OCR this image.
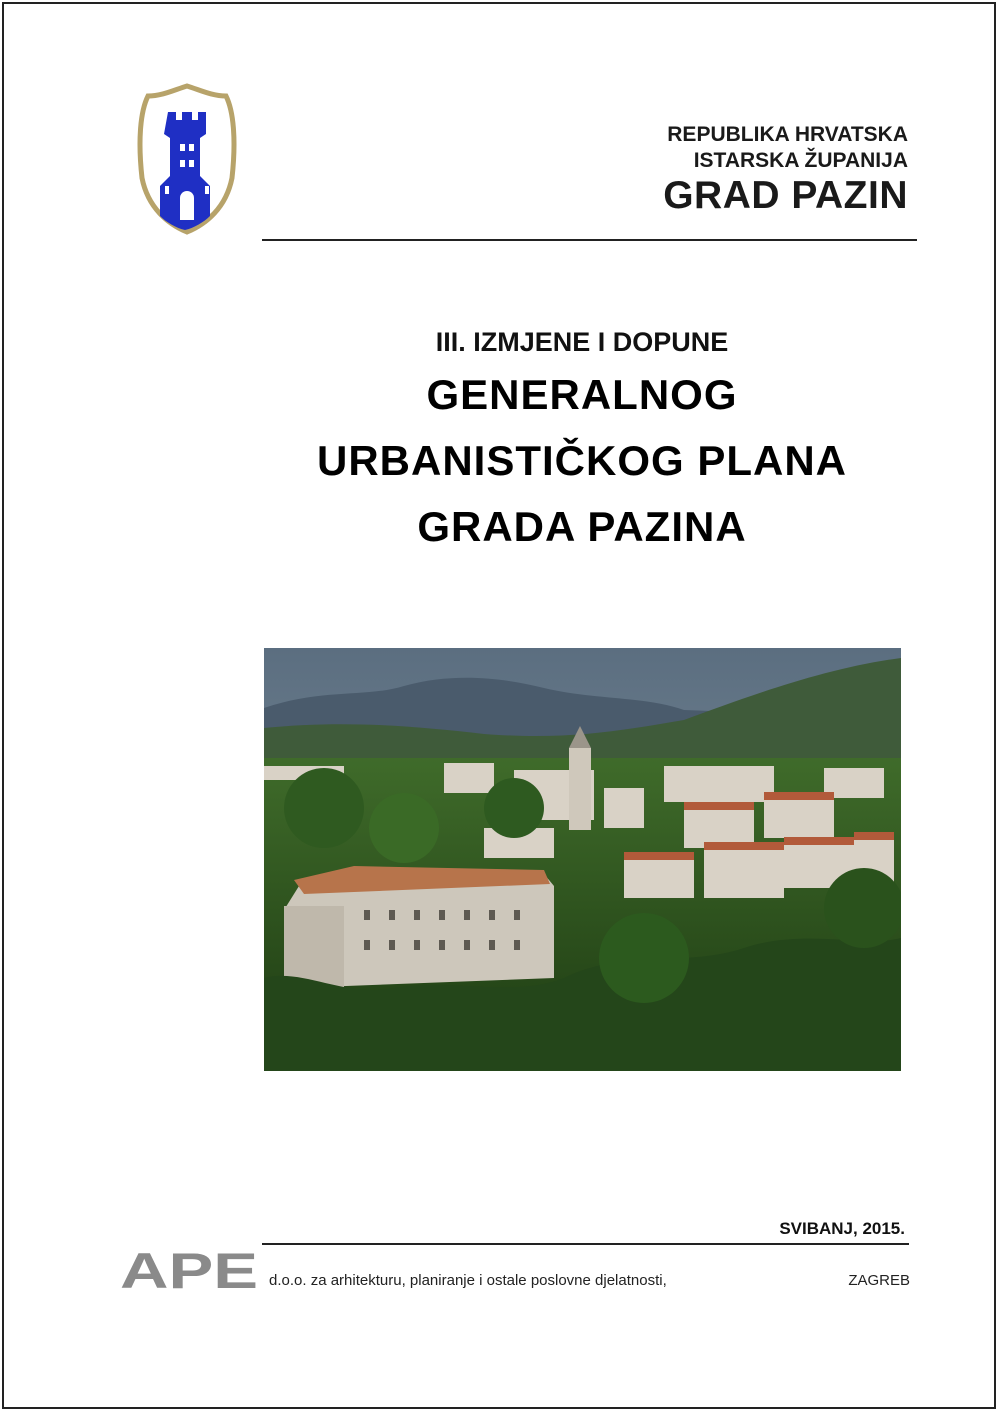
REPUBLIKA HRVATSKA
ISTARSKA ŽUPANIJA
GRAD PAZIN
III. IZMJENE I DOPUNE
GENERALNOG
URBANISTIČKOG PLANA
GRADA PAZINA
SVIBANJ, 2015.
APE d.o.o. za arhitekturu, planiranje i ostale poslovne djelatnosti,	ZAGREB
